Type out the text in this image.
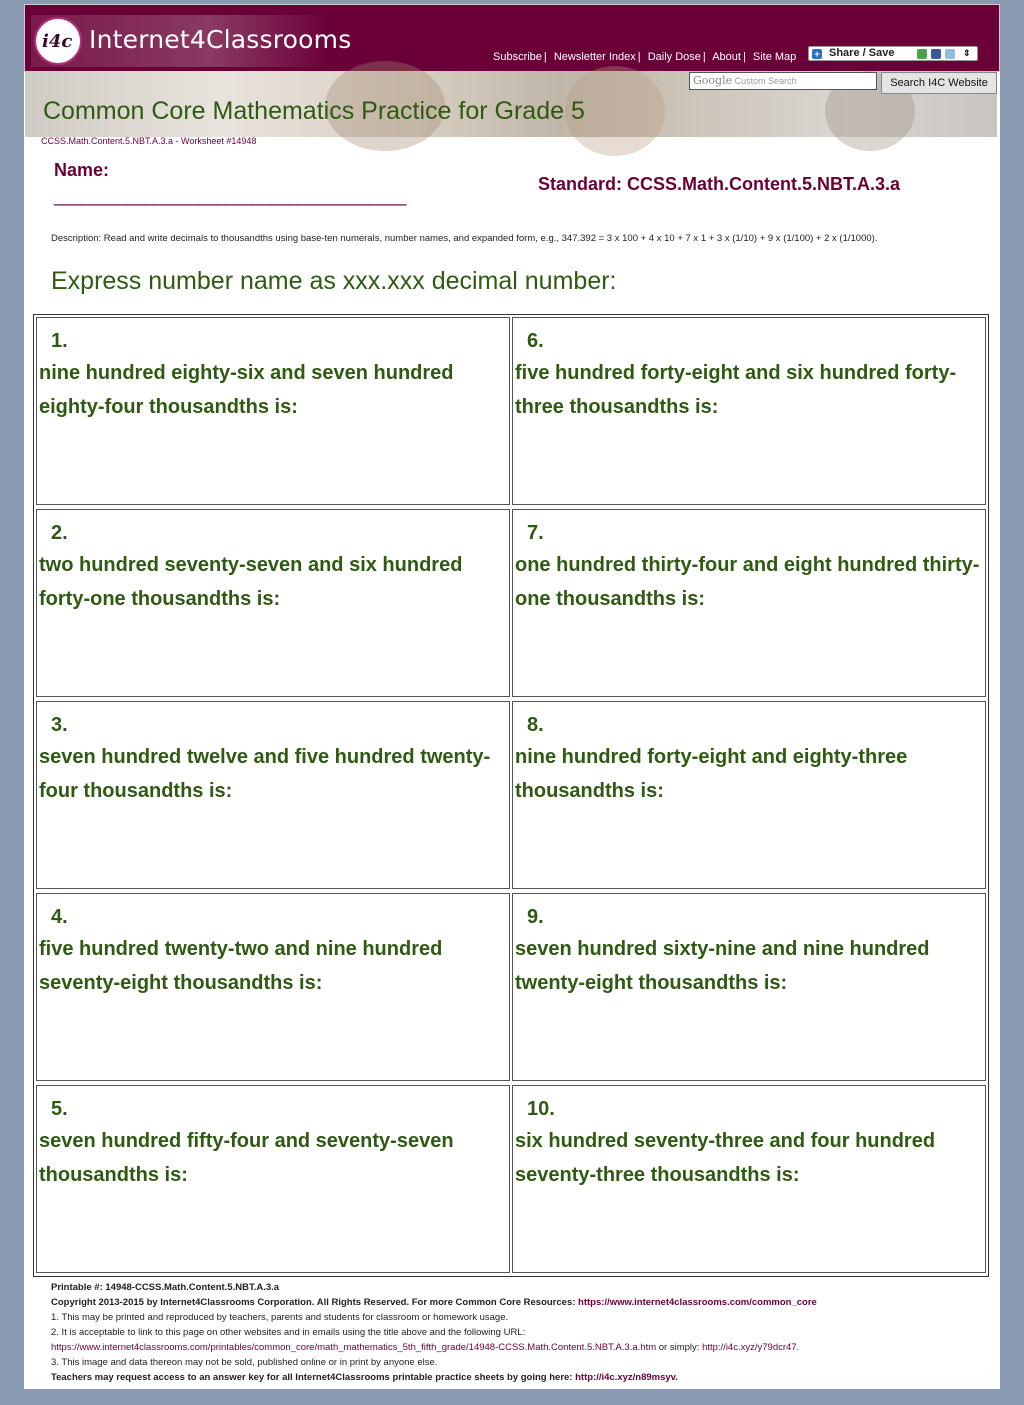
i4c Internet4Classrooms
Subscribe | Newsletter Index | Daily Dose | About | Site Map + Share / Save	⇕
Google Custom Search	Search I4C Website
Common Core Mathematics Practice for Grade 5
CCSS.Math.Content.5.NBT.A.3.a - Worksheet #14948
Name:
_______________________________________
Standard: CCSS.Math.Content.5.NBT.A.3.a
Description: Read and write decimals to thousandths using base-ten numerals, number names, and expanded form, e.g., 347.392 = 3 x 100 + 4 x 10 + 7 x 1 + 3 x (1/10) + 9 x (1/100) + 2 x (1/1000).
Express number name as xxx.xxx decimal number:
1.
nine hundred eighty-six and seven hundred eighty-four thousandths is:
6.
five hundred forty-eight and six hundred forty-three thousandths is:
2.
two hundred seventy-seven and six hundred forty-one thousandths is:
7.
one hundred thirty-four and eight hundred thirty-one thousandths is:
3.
seven hundred twelve and five hundred twenty-four thousandths is:
8.
nine hundred forty-eight and eighty-three thousandths is:
4.
five hundred twenty-two and nine hundred seventy-eight thousandths is:
9.
seven hundred sixty-nine and nine hundred twenty-eight thousandths is:
5.
seven hundred fifty-four and seventy-seven thousandths is:
10.
six hundred seventy-three and four hundred seventy-three thousandths is:
Printable #: 14948-CCSS.Math.Content.5.NBT.A.3.a
Copyright 2013-2015 by Internet4Classrooms Corporation. All Rights Reserved. For more Common Core Resources: https://www.internet4classrooms.com/common_core
1. This may be printed and reproduced by teachers, parents and students for classroom or homework usage.
2. It is acceptable to link to this page on other websites and in emails using the title above and the following URL:
https://www.internet4classrooms.com/printables/common_core/math_mathematics_5th_fifth_grade/14948-CCSS.Math.Content.5.NBT.A.3.a.htm or simply: http://i4c.xyz/y79dcr47.
3. This image and data thereon may not be sold, published online or in print by anyone else.
Teachers may request access to an answer key for all Internet4Classrooms printable practice sheets by going here: http://i4c.xyz/n89msyv.
